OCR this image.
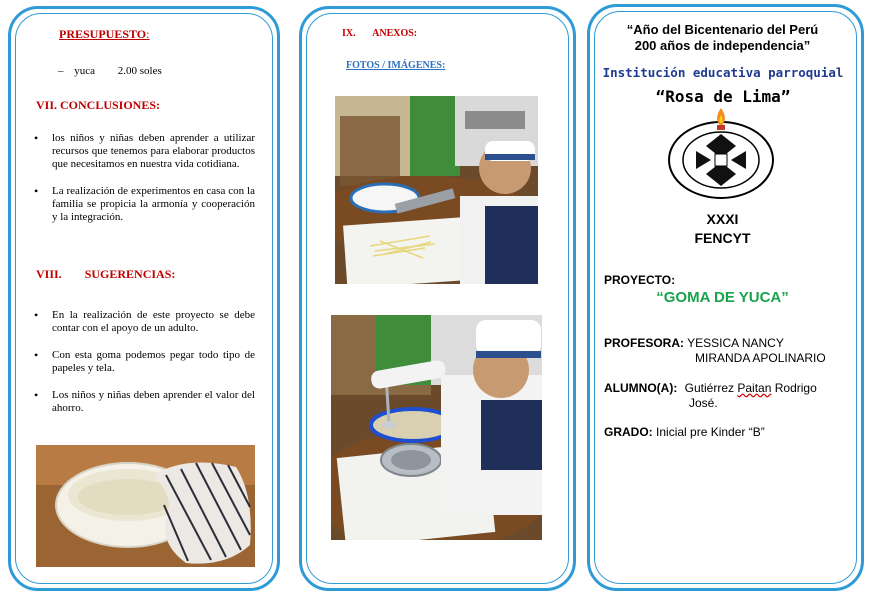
PRESUPUESTO:
– yuca 2.00 soles
VII. CONCLUSIONES:
• los niños y niñas deben aprender a utilizar recursos que tenemos para elaborar productos que necesitamos en nuestra vida cotidiana.
• La realización de experimentos en casa con la familia se propicia la armonía y cooperación y la integración.
VIII. SUGERENCIAS:
• En la realización de este proyecto se debe contar con el apoyo de un adulto.
• Con esta goma podemos pegar todo tipo de papeles y tela.
• Los niños y niñas deben aprender el valor del ahorro.
IX. ANEXOS:
FOTOS / IMÁGENES:
“Año del Bicentenario del Perú
200 años de independencia”
Institución educativa parroquial
“Rosa de Lima”
XXXI
FENCYT
PROYECTO:
“GOMA DE YUCA”
PROFESORA: YESSICA NANCY
MIRANDA APOLINARIO
ALUMNO(A): Gutiérrez Paitan Rodrigo
José.
GRADO: Inicial pre Kinder “B”
